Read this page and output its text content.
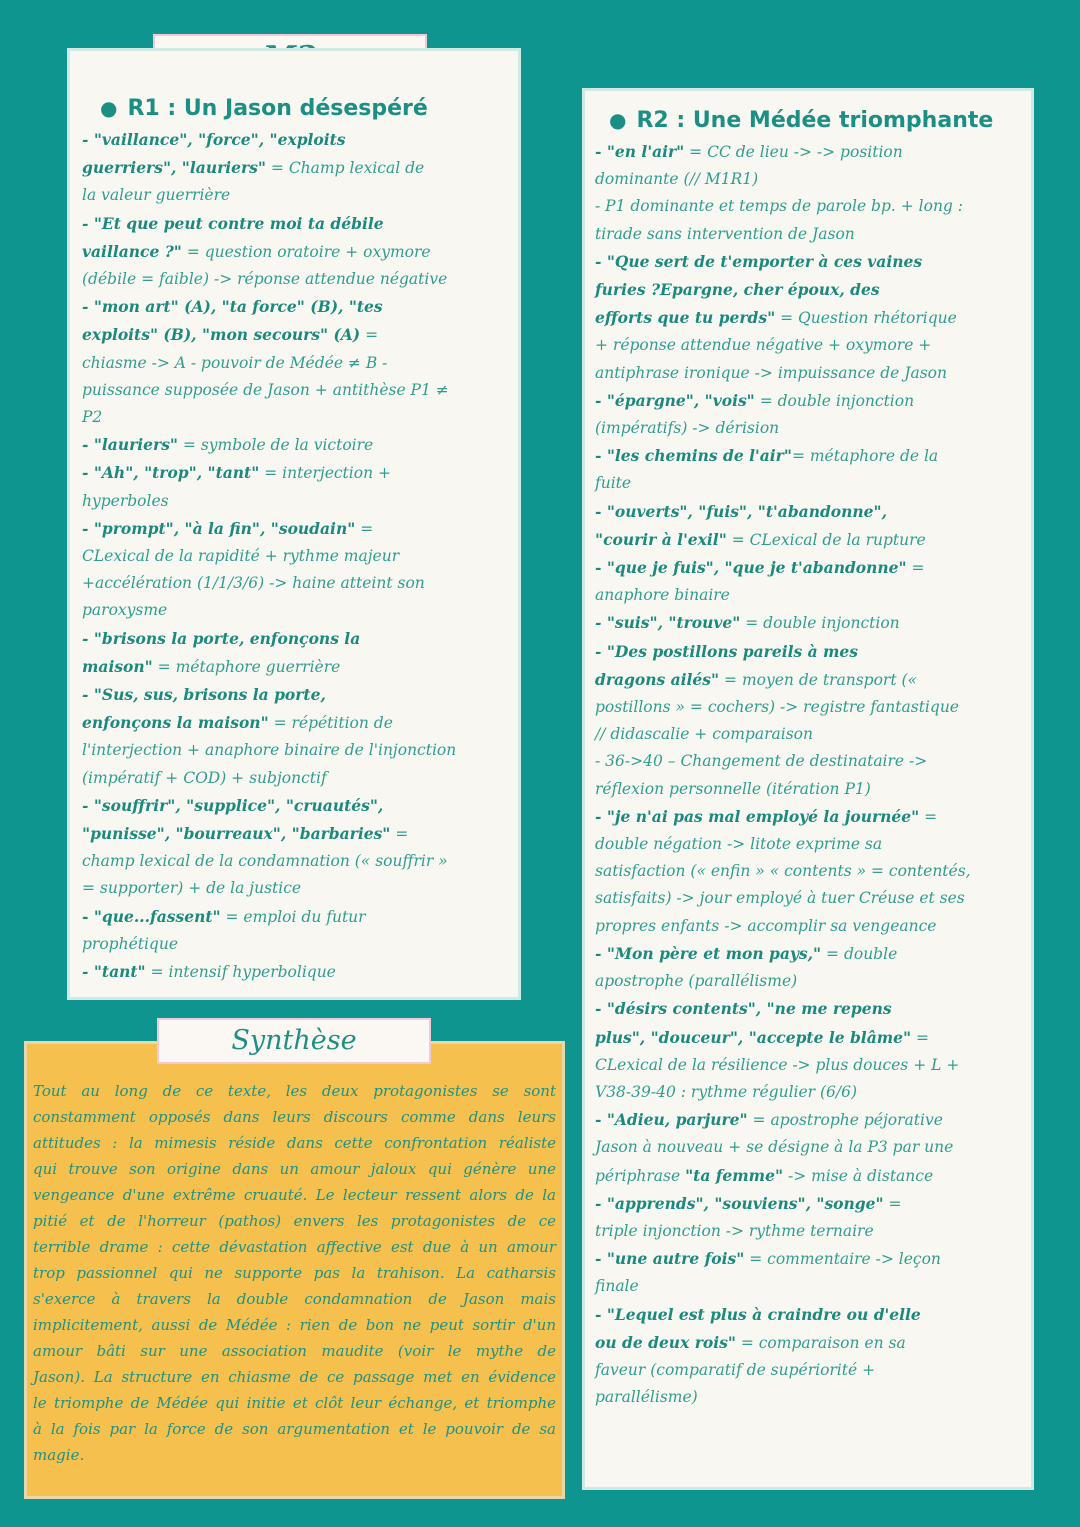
● R1 : Un Jason désespéré
- "vaillance", "force", "exploits
guerriers", "lauriers" = Champ lexical de
la valeur guerrière
- "Et que peut contre moi ta débile
vaillance ?" = question oratoire + oxymore
(débile = faible) -> réponse attendue négative
- "mon art" (A), "ta force" (B), "tes
exploits" (B), "mon secours" (A) =
chiasme -> A - pouvoir de Médée ≠ B -
puissance supposée de Jason + antithèse P1 ≠
P2
- "lauriers" = symbole de la victoire
- "Ah", "trop", "tant" = interjection +
hyperboles
- "prompt", "à la fin", "soudain" =
CLexical de la rapidité + rythme majeur
+accélération (1/1/3/6) -> haine atteint son
paroxysme
- "brisons la porte, enfonçons la
maison" = métaphore guerrière
- "Sus, sus, brisons la porte,
enfonçons la maison" = répétition de
l'interjection + anaphore binaire de l'injonction
(impératif + COD) + subjonctif
- "souffrir", "supplice", "cruautés",
"punisse", "bourreaux", "barbaries" =
champ lexical de la condamnation (« souffrir »
= supporter) + de la justice
- "que...fassent" = emploi du futur
prophétique
- "tant" = intensif hyperbolique
● R2 : Une Médée triomphante
- "en l'air" = CC de lieu -> -> position
dominante (// M1R1)
- P1 dominante et temps de parole bp. + long :
tirade sans intervention de Jason
- "Que sert de t'emporter à ces vaines
furies ?Epargne, cher époux, des
efforts que tu perds" = Question rhétorique
+ réponse attendue négative + oxymore +
antiphrase ironique -> impuissance de Jason
- "épargne", "vois" = double injonction
(impératifs) -> dérision
- "les chemins de l'air"= métaphore de la
fuite
- "ouverts", "fuis", "t'abandonne",
"courir à l'exil" = CLexical de la rupture
- "que je fuis", "que je t'abandonne" =
anaphore binaire
- "suis", "trouve" = double injonction
- "Des postillons pareils à mes
dragons ailés" = moyen de transport («
postillons » = cochers) -> registre fantastique
// didascalie + comparaison
- 36->40 – Changement de destinataire ->
réflexion personnelle (itération P1)
- "je n'ai pas mal employé la journée" =
double négation -> litote exprime sa
satisfaction (« enfin » « contents » = contentés,
satisfaits) -> jour employé à tuer Créuse et ses
propres enfants -> accomplir sa vengeance
- "Mon père et mon pays," = double
apostrophe (parallélisme)
- "désirs contents", "ne me repens
plus", "douceur", "accepte le blâme" =
CLexical de la résilience -> plus douces + L +
V38-39-40 : rythme régulier (6/6)
- "Adieu, parjure" = apostrophe péjorative
Jason à nouveau + se désigne à la P3 par une
périphrase "ta femme" -> mise à distance
- "apprends", "souviens", "songe" =
triple injonction -> rythme ternaire
- "une autre fois" = commentaire -> leçon
finale
- "Lequel est plus à craindre ou d'elle
ou de deux rois" = comparaison en sa
faveur (comparatif de supériorité +
parallélisme)
Tout au long de ce texte, les deux protagonistes se sont
constamment opposés dans leurs discours comme dans leurs
attitudes : la mimesis réside dans cette confrontation réaliste
qui trouve son origine dans un amour jaloux qui génère une
vengeance d'une extrême cruauté. Le lecteur ressent alors de la
pitié et de l'horreur (pathos) envers les protagonistes de ce
terrible drame : cette dévastation affective est due à un amour
trop passionnel qui ne supporte pas la trahison. La catharsis
s'exerce à travers la double condamnation de Jason mais
implicitement, aussi de Médée : rien de bon ne peut sortir d'un
amour bâti sur une association maudite (voir le mythe de
Jason). La structure en chiasme de ce passage met en évidence
le triomphe de Médée qui initie et clôt leur échange, et triomphe
à la fois par la force de son argumentation et le pouvoir de sa
magie.
Synthèse
